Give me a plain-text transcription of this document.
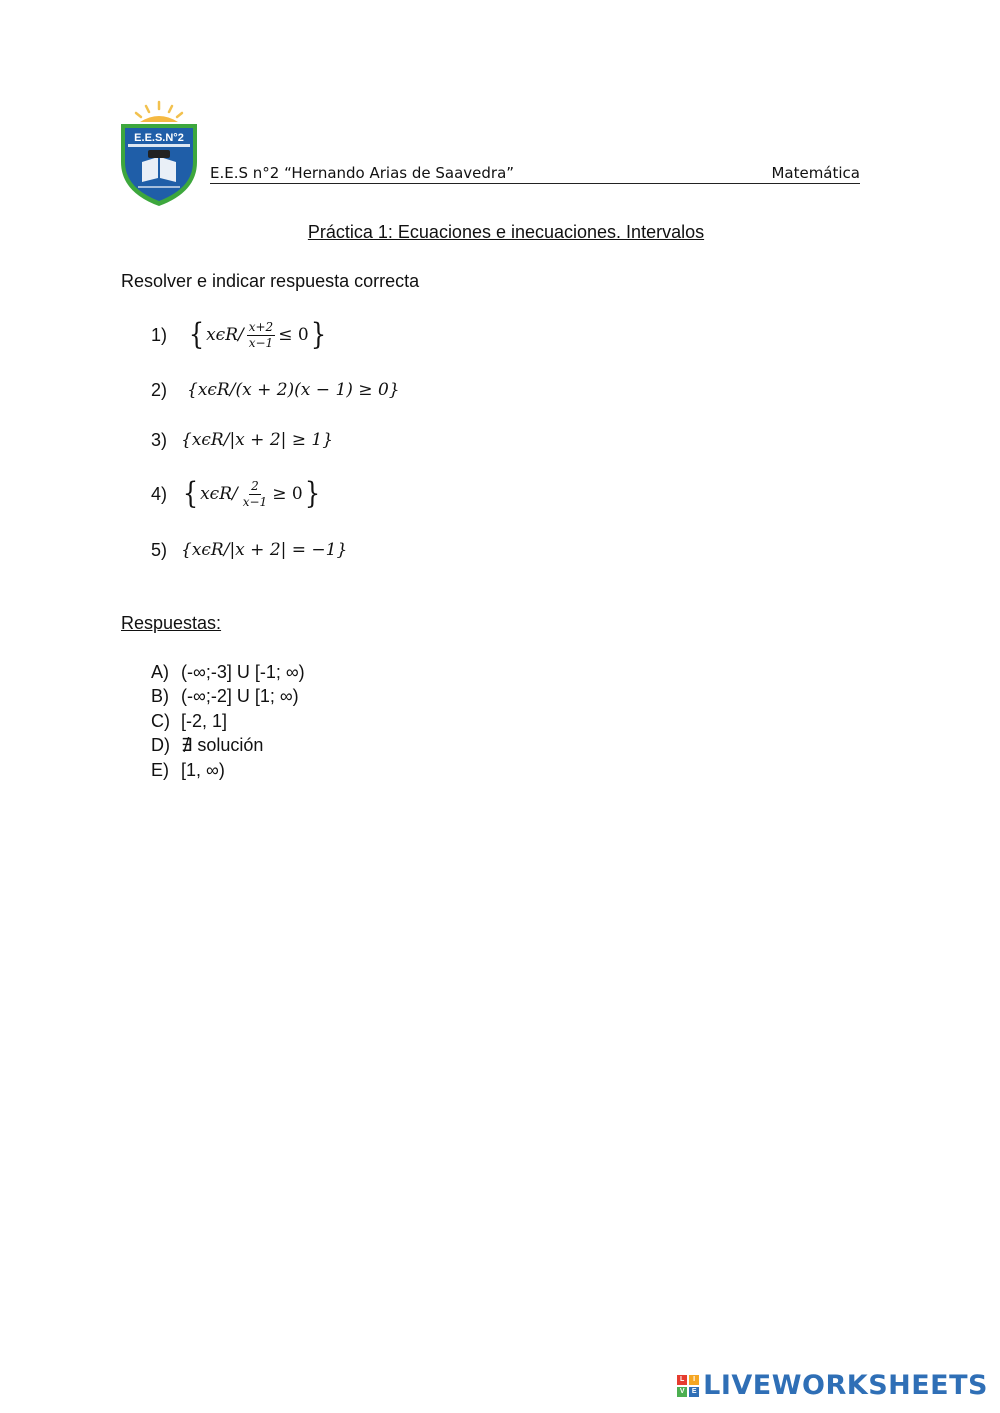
E.E.S.N°2
E.E.S n°2 “Hernando Arias de Saavedra”	Matemática
Práctica 1: Ecuaciones e inecuaciones. Intervalos
Resolver e indicar respuesta correcta
1) { $x\epsilon R/ \frac{x+2}{x-1} \le 0$ }
2)	{xϵR/(x + 2)(x − 1) ≥ 0}
3) {xϵR/|x + 2| ≥ 1}
4) { $x\epsilon R/ \frac{2}{x-1} \ge 0$ }
5) {xϵR/|x + 2| = −1}
Respuestas:
A) (-∞;-3] U [-1; ∞)
B) (-∞;-2] U [1; ∞)
C) [-2, 1]
D) ∄ solución
E) [1, ∞)
L	I
V	E LIVEWORKSHEETS
